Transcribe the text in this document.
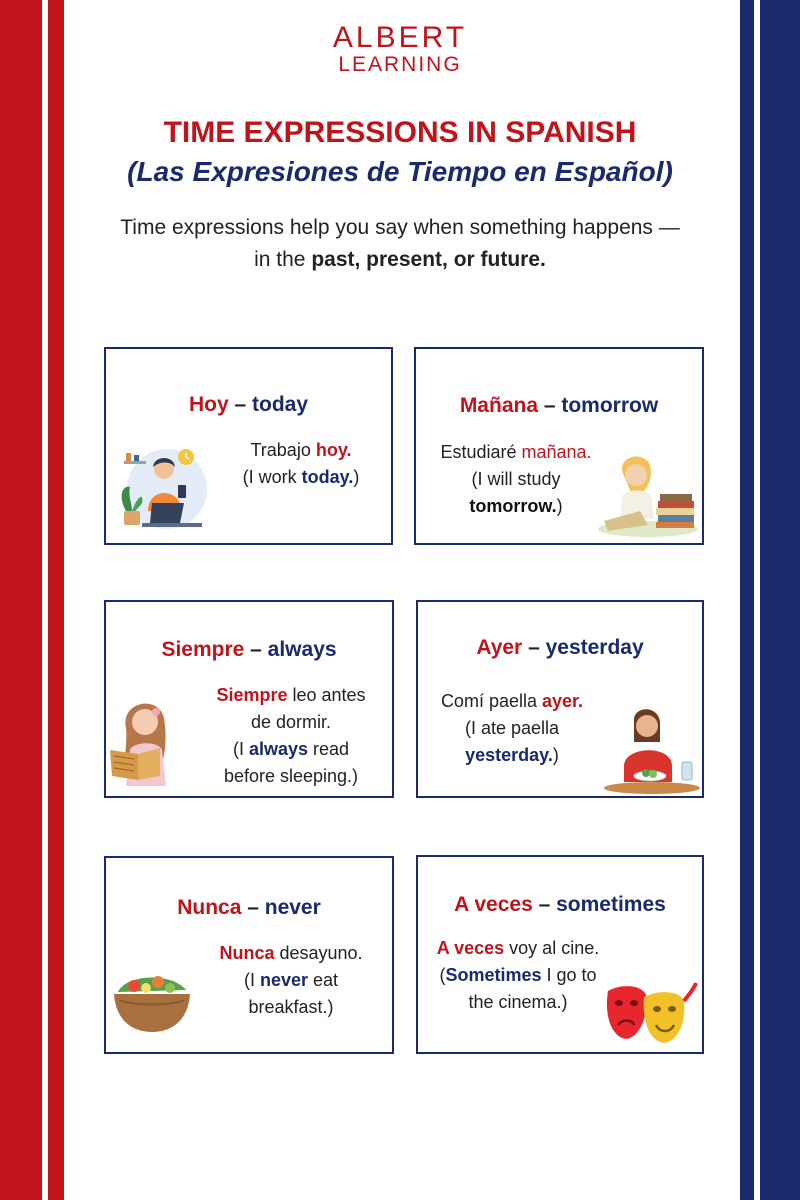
ALBERT
LEARNING
TIME EXPRESSIONS IN SPANISH
(Las Expresiones de Tiempo en Español)
Time expressions help you say when something happens —
in the past, present, or future.
Hoy – today
Trabajo hoy.
(I work today.)
Mañana – tomorrow
Estudiaré mañana.
(I will study
tomorrow.)
Siempre – always
Siempre leo antes
de dormir.
(I always read
before sleeping.)
Ayer – yesterday
Comí paella ayer.
(I ate paella
yesterday.)
Nunca – never
Nunca desayuno.
(I never eat
breakfast.)
A veces – sometimes
A veces voy al cine.
(Sometimes I go to
the cinema.)
